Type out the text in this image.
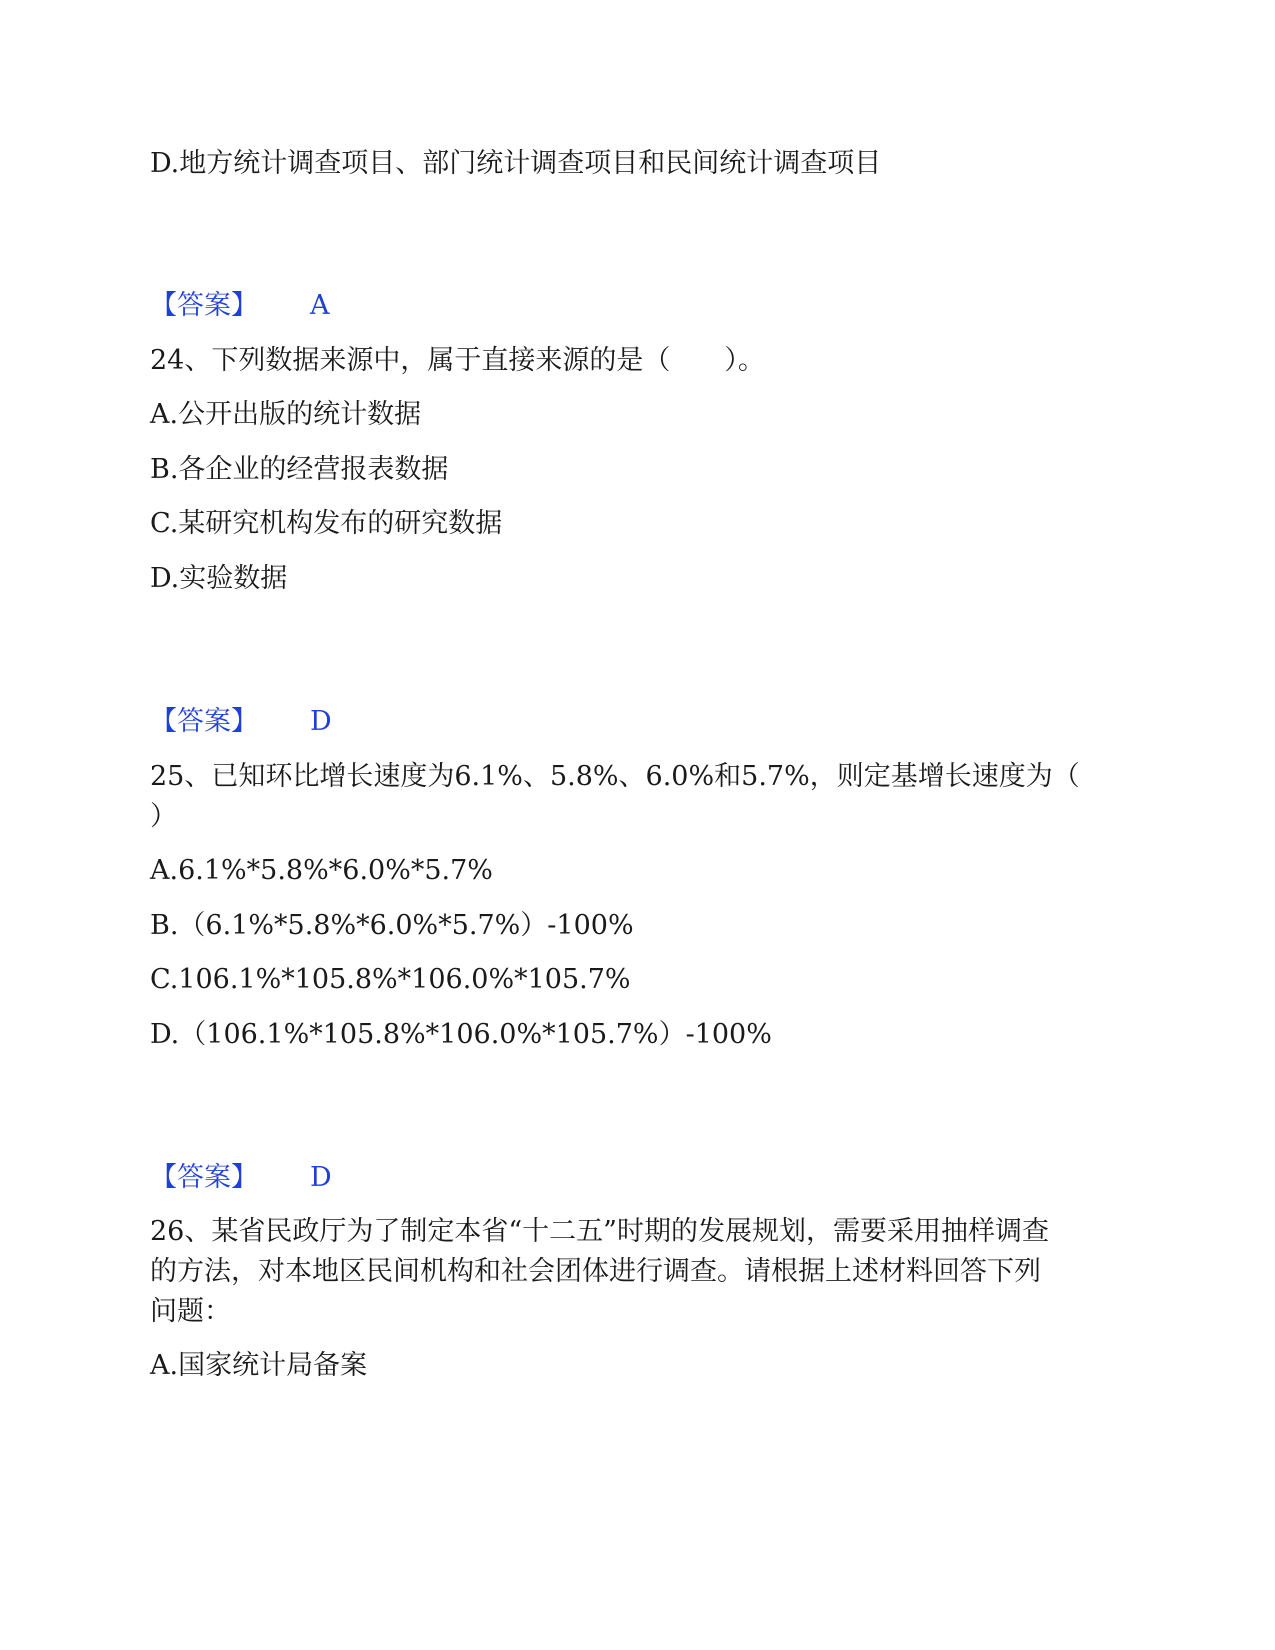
D.地方统计调查项目、部门统计调查项目和民间统计调查项目
【答案】 A
24、下列数据来源中，属于直接来源的是（　　）。
A.公开出版的统计数据
B.各企业的经营报表数据
C.某研究机构发布的研究数据
D.实验数据
【答案】 D
25、已知环比增长速度为6.1%、5.8%、6.0%和5.7%，则定基增长速度为（
）
A.6.1%*5.8%*6.0%*5.7%
B.（6.1%*5.8%*6.0%*5.7%）-100%
C.106.1%*105.8%*106.0%*105.7%
D.（106.1%*105.8%*106.0%*105.7%）-100%
【答案】 D
26、某省民政厅为了制定本省“十二五”时期的发展规划，需要采用抽样调查
的方法，对本地区民间机构和社会团体进行调查。请根据上述材料回答下列
问题：
A.国家统计局备案
